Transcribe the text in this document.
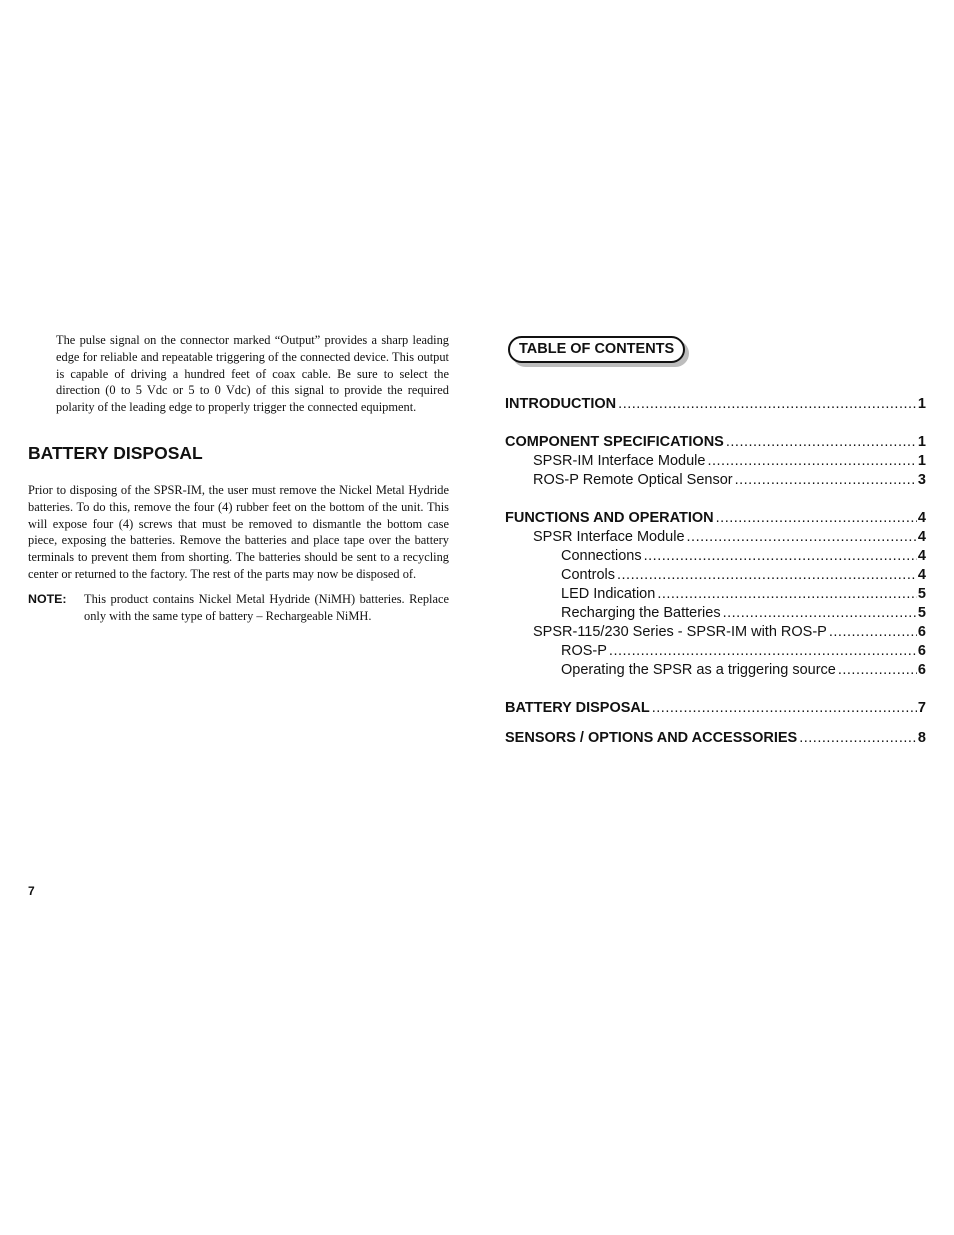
The pulse signal on the connector marked “Output” provides a sharp leading edge for reliable and repeatable triggering of the connected device. This output is capable of driving a hundred feet of coax cable. Be sure to select the direction (0 to 5 Vdc or 5 to 0 Vdc) of this signal to provide the required polarity of the leading edge to properly trigger the connected equipment.

BATTERY DISPOSAL

Prior to disposing of the SPSR-IM, the user must remove the Nickel Metal Hydride batteries. To do this, remove the four (4) rubber feet on the bottom of the unit. This will expose four (4) screws that must be removed to dismantle the bottom case piece, exposing the batteries. Remove the batteries and place tape over the battery terminals to prevent them from shorting. The batteries should be sent to a recycling center or returned to the factory. The rest of the parts may now be disposed of.

NOTE:	This product contains Nickel Metal Hydride (NiMH) batteries. Replace only with the same type of battery – Rechargeable NiMH.
TABLE OF CONTENTS
INTRODUCTION .....	1
COMPONENT SPECIFICATIONS .....	1
SPSR-IM Interface Module .....	1
ROS-P Remote Optical Sensor .....	3
FUNCTIONS AND OPERATION .....	4
SPSR Interface Module .....	4
Connections .....	4
Controls .....	4
LED Indication .....	5
Recharging the Batteries .....	5
SPSR-115/230 Series - SPSR-IM with ROS-P .....	6
ROS-P .....	6
Operating the SPSR as a triggering source .....	6
BATTERY DISPOSAL .....	7
SENSORS / OPTIONS AND ACCESSORIES .....	8
7
